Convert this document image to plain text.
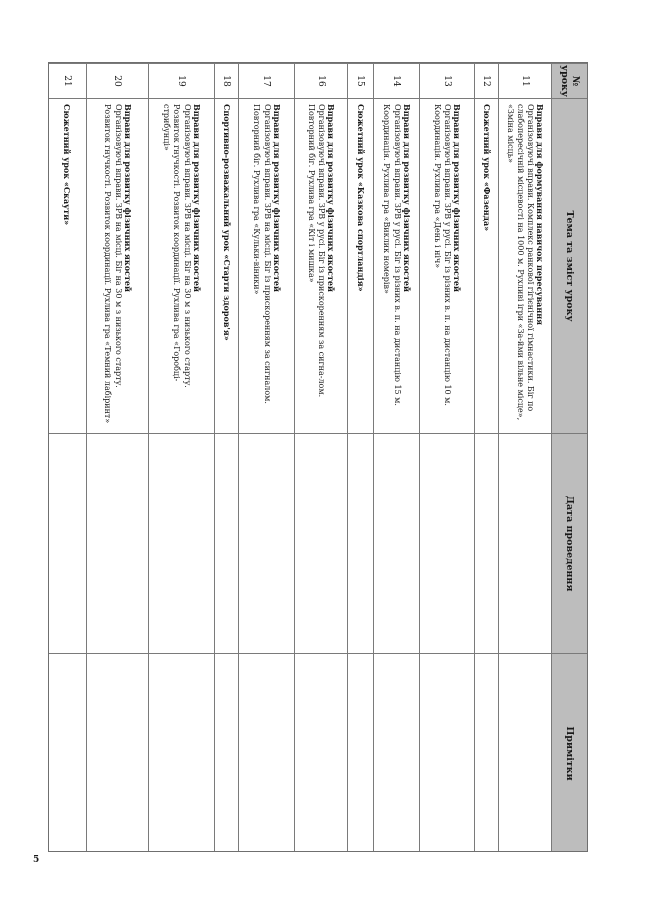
№ уроку	Тема та зміст уроку	Дата проведення	Примітки
11	Вправи для формування навичок пересування
Організовуючі вправи. Комплекс ранкової гігієнічної гімнастики. Біг по слабопересічній місцевості на 1000 м. Рухливі ігри «За-йми вільне місце», «Зміна місць»		

12	Сюжетний урок «Фазенда»		

13	Вправи для розвитку фізичних якостей
Організовуючі вправи. ЗРВ у русі. Біг із різних в. п. на дистанцію 10 м. Координація. Рухлива гра «День і ніч»		

14	Вправи для розвитку фізичних якостей
Організовуючі вправи. ЗРВ у русі. Біг із різних в. п. на дистанцію 15 м. Координація. Рухлива гра «Виклик номерів»		

15	Сюжетний урок «Казкова спортландія»		

16	Вправи для розвитку фізичних якостей
Організовуючі вправи. ЗРВ у русі. Біг із прискоренням за сигна-лом. Повторний біг. Рухлива гра «Кіт і мишка»		

17	Вправи для розвитку фізичних якостей
Організовуючі вправи. ЗРВ на місці. Біг із прискоренням за сигналом. Повторний біг. Рухлива гра «Кульки-віники»		

18	Спортивно-розважальний урок «Старти здоров'я»		

19	Вправи для розвитку фізичних якостей
Організовуючі вправи. ЗРВ на місці. Біг на 30 м з низького старту. Розвиток гнучкості. Розвиток координації. Рухлива гра «Горобці-стрибунці»		

20	Вправи для розвитку фізичних якостей
Організовуючі вправи. ЗРВ на місці. Біг на 30 м з низького старту. Розвиток гнучкості. Розвиток координації. Рухлива гра «Темний лабіринт»		

21	Сюжетний урок «Скаути»		

5
